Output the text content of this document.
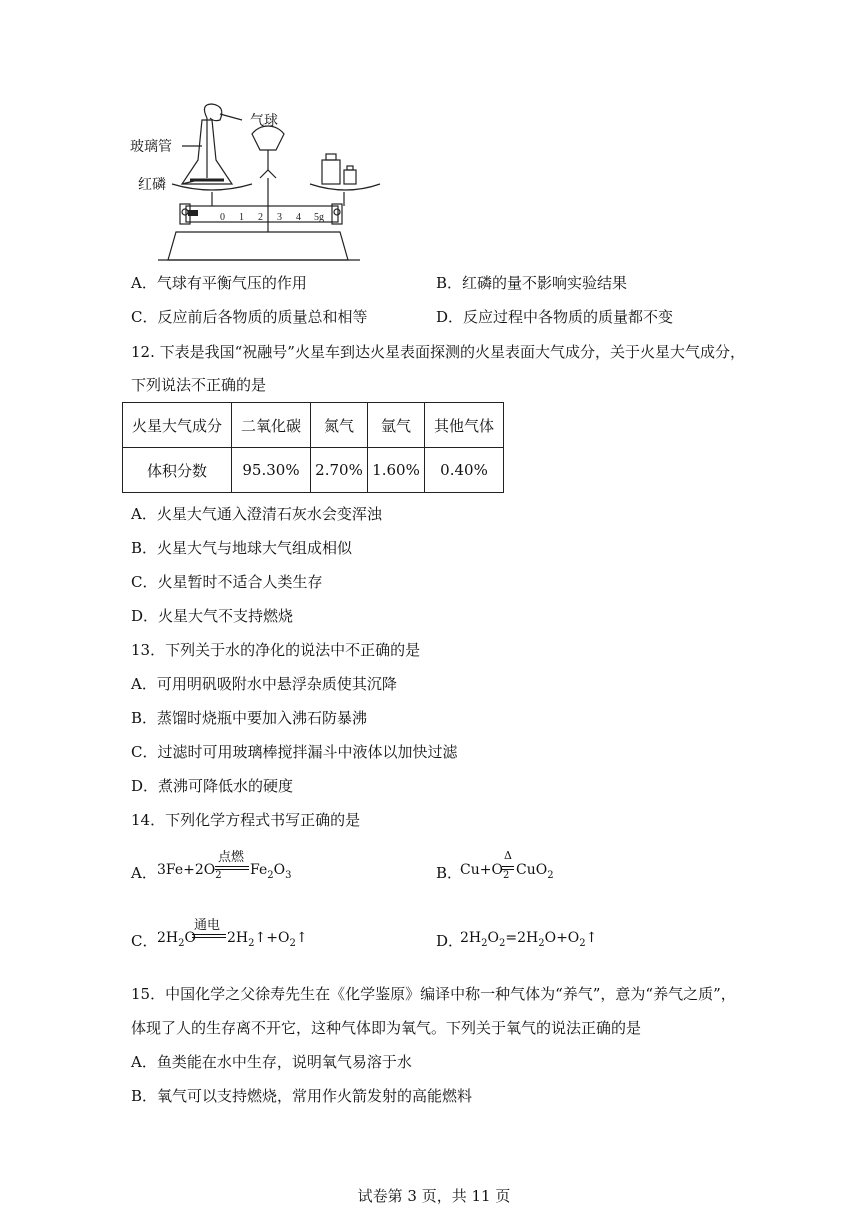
0 1 2 3 4 5g
气球
玻璃管
红磷
A．气球有平衡气压的作用	B．红磷的量不影响实验结果
C．反应前后各物质的质量总和相等	D．反应过程中各物质的质量都不变
12. 下表是我国“祝融号”火星车到达火星表面探测的火星表面大气成分，关于火星大气成分，
下列说法不正确的是
火星大气成分	二氧化碳	氮气	氩气	其他气体
体积分数	95.30%	2.70%	1.60%	0.40%
A．火星大气通入澄清石灰水会变浑浊
B．火星大气与地球大气组成相似
C．火星暂时不适合人类生存
D．火星大气不支持燃烧
13．下列关于水的净化的说法中不正确的是
A．可用明矾吸附水中悬浮杂质使其沉降
B．蒸馏时烧瓶中要加入沸石防暴沸
C．过滤时可用玻璃棒搅拌漏斗中液体以加快过滤
D．煮沸可降低水的硬度
14．下列化学方程式书写正确的是
A． $3Fe+2O_2$
点燃
$Fe_2O_3$	B．
$Cu+O_2$
Δ
CuO$_2$
C． $2H_2O$
通电
$2H_2↑+O_2↑$	D．
$2H_2O_2=2H_2O+O_2↑$
15．中国化学之父徐寿先生在《化学鉴原》编译中称一种气体为“养气”，意为“养气之质”，
体现了人的生存离不开它，这种气体即为氧气。下列关于氧气的说法正确的是
A．鱼类能在水中生存，说明氧气易溶于水
B．氧气可以支持燃烧，常用作火箭发射的高能燃料
试卷第 3 页，共 11 页
